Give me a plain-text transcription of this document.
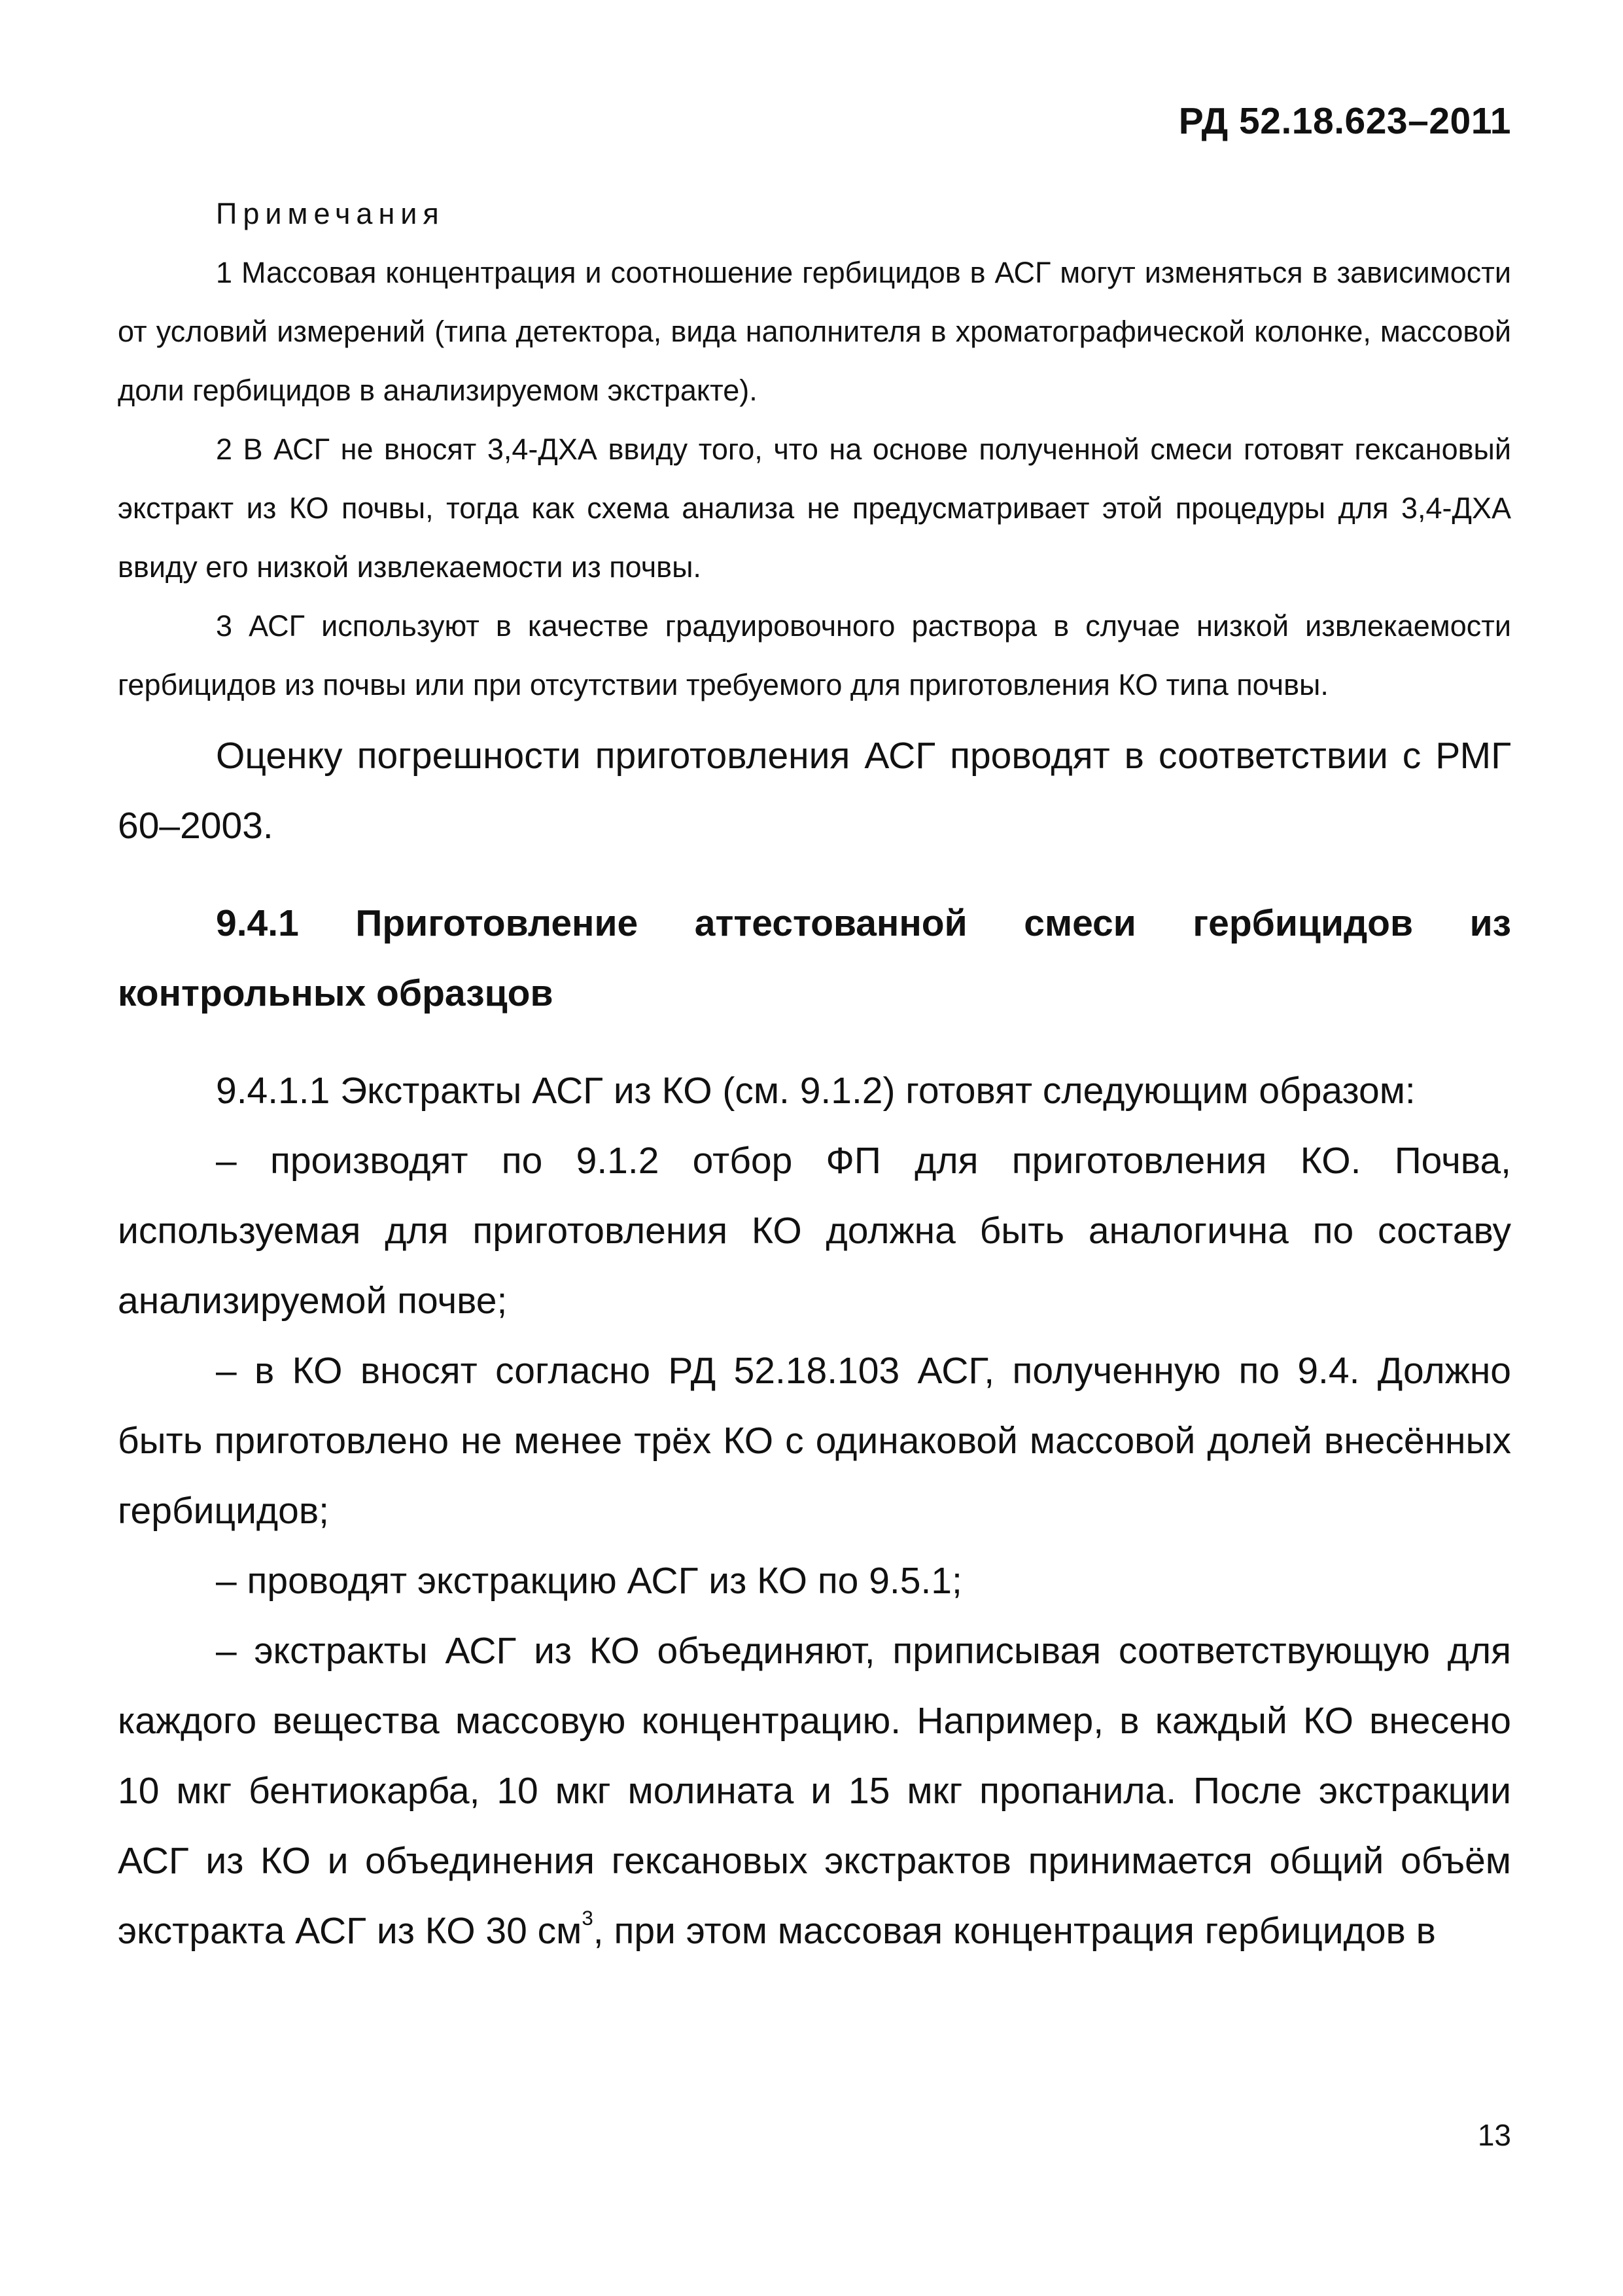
РД 52.18.623–2011

Примечания

1 Массовая концентрация и соотношение гербицидов в АСГ могут изменяться в зависимости от условий измерений (типа детектора, вида наполнителя в хроматографической колонке, массовой доли гербицидов в анализируемом экстракте).

2 В АСГ не вносят 3,4-ДХА ввиду того, что на основе полученной смеси готовят гексановый экстракт из КО почвы, тогда как схема анализа не предусматривает этой процедуры для 3,4-ДХА ввиду его низкой извлекаемости из почвы.

3 АСГ используют в качестве градуировочного раствора в случае низкой извлекаемости гербицидов из почвы или при отсутствии требуемого для приготовления КО типа почвы.

Оценку погрешности приготовления АСГ проводят в соответствии с РМГ 60–2003.

9.4.1 Приготовление аттестованной смеси гербицидов из контрольных образцов

9.4.1.1 Экстракты АСГ из КО (см. 9.1.2) готовят следующим образом:

– производят по 9.1.2 отбор ФП для приготовления КО. Почва, используемая для приготовления КО должна быть аналогична по составу анализируемой почве;

– в КО вносят согласно РД 52.18.103 АСГ, полученную по 9.4. Должно быть приготовлено не менее трёх КО с одинаковой массовой долей внесённых гербицидов;

– проводят экстракцию АСГ из КО по 9.5.1;

– экстракты АСГ из КО объединяют, приписывая соответствующую для каждого вещества массовую концентрацию. Например, в каждый КО внесено 10 мкг бентиокарба, 10 мкг молината и 15 мкг пропанила. После экстракции АСГ из КО и объединения гексановых экстрактов принимается общий объём экстракта АСГ из КО 30 $см^3$, при этом массовая концентрация гербицидов в

13
